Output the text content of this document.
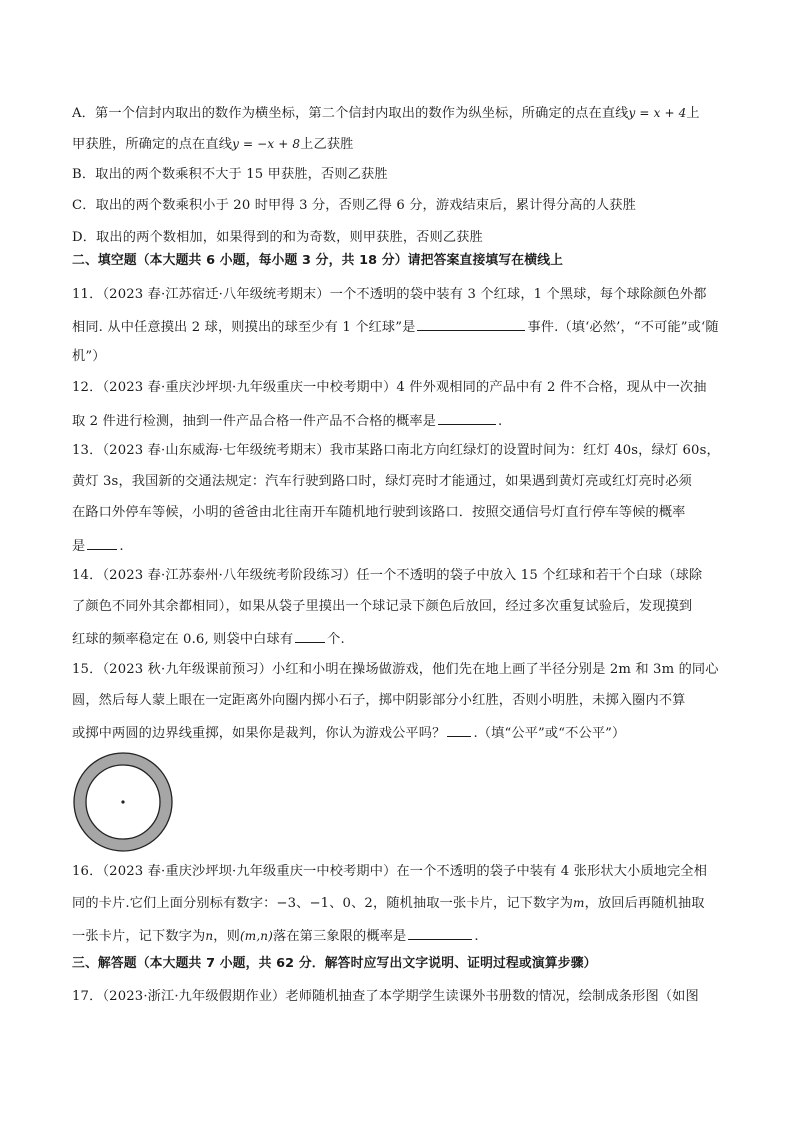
A．第一个信封内取出的数作为横坐标，第二个信封内取出的数作为纵坐标，所确定的点在直线y = x + 4上
甲获胜，所确定的点在直线y = −x + 8上乙获胜
B．取出的两个数乘积不大于 15 甲获胜，否则乙获胜
C．取出的两个数乘积小于 20 时甲得 3 分，否则乙得 6 分，游戏结束后，累计得分高的人获胜
D．取出的两个数相加，如果得到的和为奇数，则甲获胜，否则乙获胜
二、填空题（本大题共 6 小题，每小题 3 分，共 18 分）请把答案直接填写在横线上
11．（2023 春·江苏宿迁·八年级统考期末）一个不透明的袋中装有 3 个红球，1 个黑球，每个球除颜色外都
相同. 从中任意摸出 2 球，则摸出的球至少有 1 个红球”是	事件.（填‘必然’，“不可能”或‘随
机”）
12．（2023 春·重庆沙坪坝·九年级重庆一中校考期中）4 件外观相同的产品中有 2 件不合格，现从中一次抽
取 2 件进行检测，抽到一件产品合格一件产品不合格的概率是	.
13．（2023 春·山东威海·七年级统考期末）我市某路口南北方向红绿灯的设置时间为：红灯 40s，绿灯 60s，
黄灯 3s，我国新的交通法规定：汽车行驶到路口时，绿灯亮时才能通过，如果遇到黄灯亮或红灯亮时必须
在路口外停车等候，小明的爸爸由北往南开车随机地行驶到该路口．按照交通信号灯直行停车等候的概率
是	.
14．（2023 春·江苏泰州·八年级统考阶段练习）任一个不透明的袋子中放入 15 个红球和若干个白球（球除
了颜色不同外其余都相同），如果从袋子里摸出一个球记录下颜色后放回，经过多次重复试验后，发现摸到
红球的频率稳定在 0.6, 则袋中白球有	个.
15．（2023 秋·九年级课前预习）小红和小明在操场做游戏，他们先在地上画了半径分别是 2m 和 3m 的同心
圆，然后每人蒙上眼在一定距离外向圈内掷小石子，掷中阴影部分小红胜，否则小明胜，未掷入圈内不算
或掷中两圆的边界线重掷，如果你是裁判，你认为游戏公平吗？ .（填“公平”或“不公平”）
16．（2023 春·重庆沙坪坝·九年级重庆一中校考期中）在一个不透明的袋子中装有 4 张形状大小质地完全相
同的卡片.它们上面分别标有数字：−3、−1、0、2，随机抽取一张卡片，记下数字为m，放回后再随机抽取
一张卡片，记下数字为n，则(m,n)落在第三象限的概率是	.
三、解答题（本大题共 7 小题，共 62 分．解答时应写出文字说明、证明过程或演算步骤）
17．（2023·浙江·九年级假期作业）老师随机抽查了本学期学生读课外书册数的情况，绘制成条形图（如图
